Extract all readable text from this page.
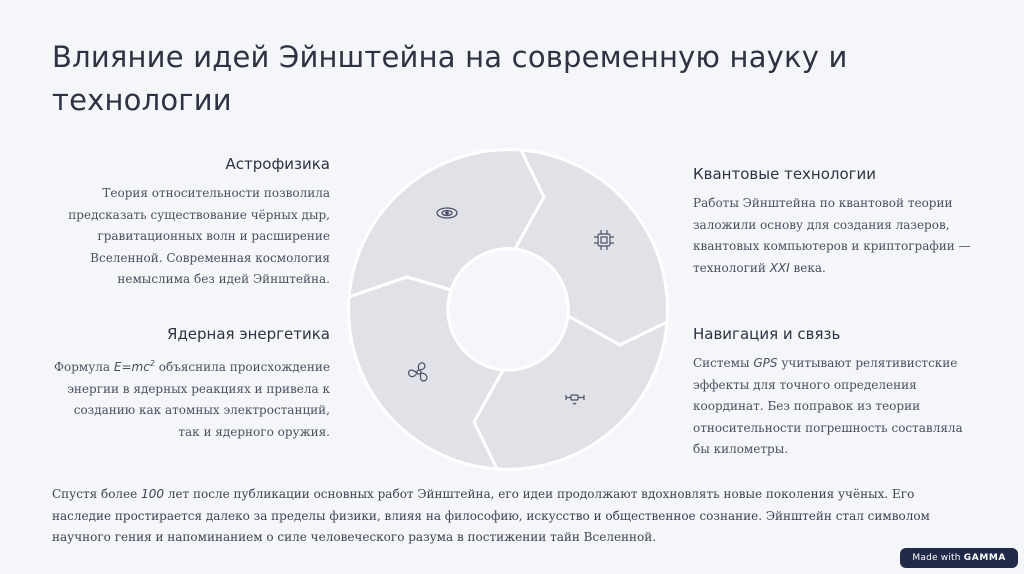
Влияние идей Эйнштейна на современную науку и технологии
Астрофизика

Теория относительности позволила предсказать существование чёрных дыр, гравитационных волн и расширение Вселенной. Современная космология немыслима без идей Эйнштейна.

Квантовые технологии

Работы Эйнштейна по квантовой теории заложили основу для создания лазеров, квантовых компьютеров и криптографии — технологий XXI века.

Ядерная энергетика

Формула $E=mc^2$ объяснила происхождение энергии в ядерных реакциях и привела к созданию как атомных электростанций, так и ядерного оружия.

Навигация и связь

Системы GPS учитывают релятивистские эффекты для точного определения координат. Без поправок из теории относительности погрешность составляла бы километры.

Спустя более 100 лет после публикации основных работ Эйнштейна, его идеи продолжают вдохновлять новые поколения учёных. Его наследие простирается далеко за пределы физики, влияя на философию, искусство и общественное сознание. Эйнштейн стал символом научного гения и напоминанием о силе человеческого разума в постижении тайн Вселенной.

Made with GAMMA
